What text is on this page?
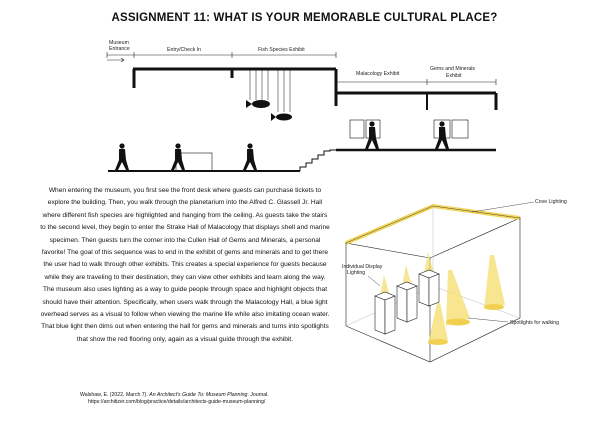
ASSIGNMENT 11: WHAT IS YOUR MEMORABLE CULTURAL PLACE?
Museum
Entrance	Entry/Check In	Fish Species Exhibit
Malacology Exhibit
Gems and Minerals
Exhibit
Cove Lighting
Individual Display
Lighting
Spotlights for walking

When entering the museum, you first see the front desk where guests can purchase tickets to explore the building. Then, you walk through the planetarium into the Alfred C. Glassell Jr. Hall where different fish species are highlighted and hanging from the ceiling. As guests take the stairs to the second level, they begin to enter the Strake Hall of Malacology that displays shell and marine specimen. Then guests turn the corner into the Cullen Hall of Gems and Minerals, a personal favorite! The goal of this sequence was to end in the exhibit of gems and minerals and to get there the user had to walk through other exhibits. This creates a special experience for guests because while they are traveling to their destination, they can view other exhibits and learn along the way. The museum also uses lighting as a way to guide people through space and highlight objects that should have their attention. Specifically, when users walk through the Malacology Hall, a blue light overhead serves as a visual to follow when viewing the marine life while also imitating ocean water. That blue light then dims out when entering the hall for gems and minerals and turns into spotlights that show the red flooring only, again as a visual guide through the exhibit.

Walshaw, E. (2022, March 7). An Architect's Guide To: Museum Planning. Journal.
https://architizer.com/blog/practice/details/architects-guide-museum-planning/
